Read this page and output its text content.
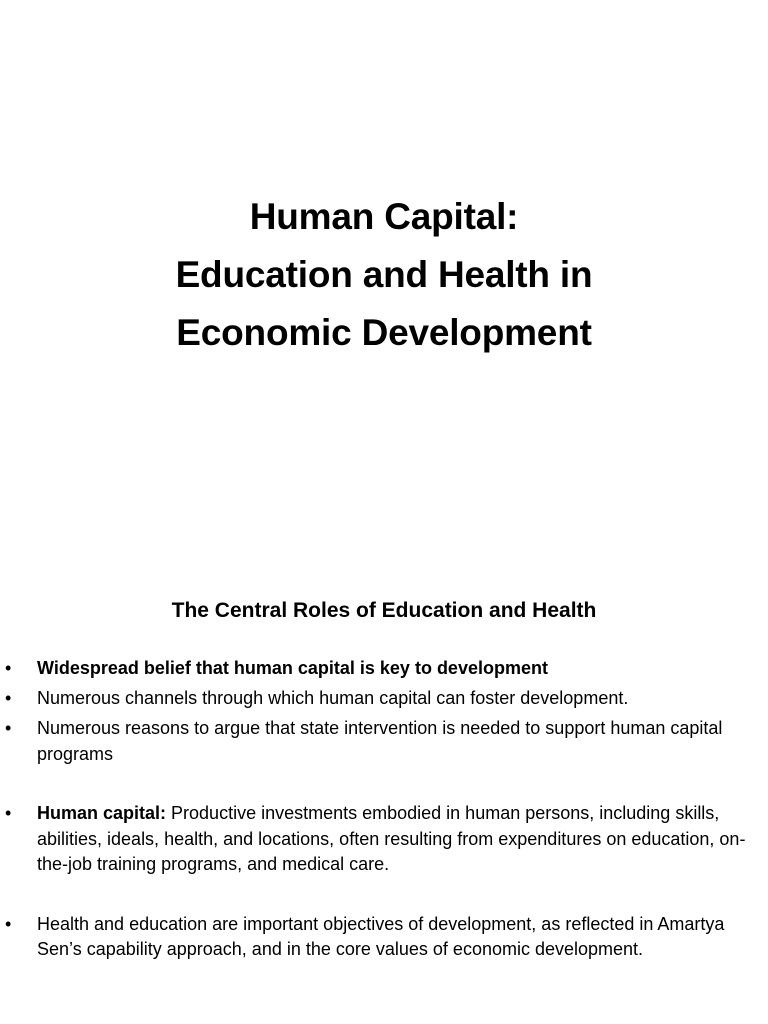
Human Capital:
Education and Health in
Economic Development
The Central Roles of Education and Health
• Widespread belief that human capital is key to development
• Numerous channels through which human capital can foster development.
• Numerous reasons to argue that state intervention is needed to support human capital programs
• Human capital: Productive investments embodied in human persons, including skills, abilities, ideals, health, and locations, often resulting from expenditures on education, on-the-job training programs, and medical care.
• Health and education are important objectives of development, as reflected in Amartya Sen’s capability approach, and in the core values of economic development.
